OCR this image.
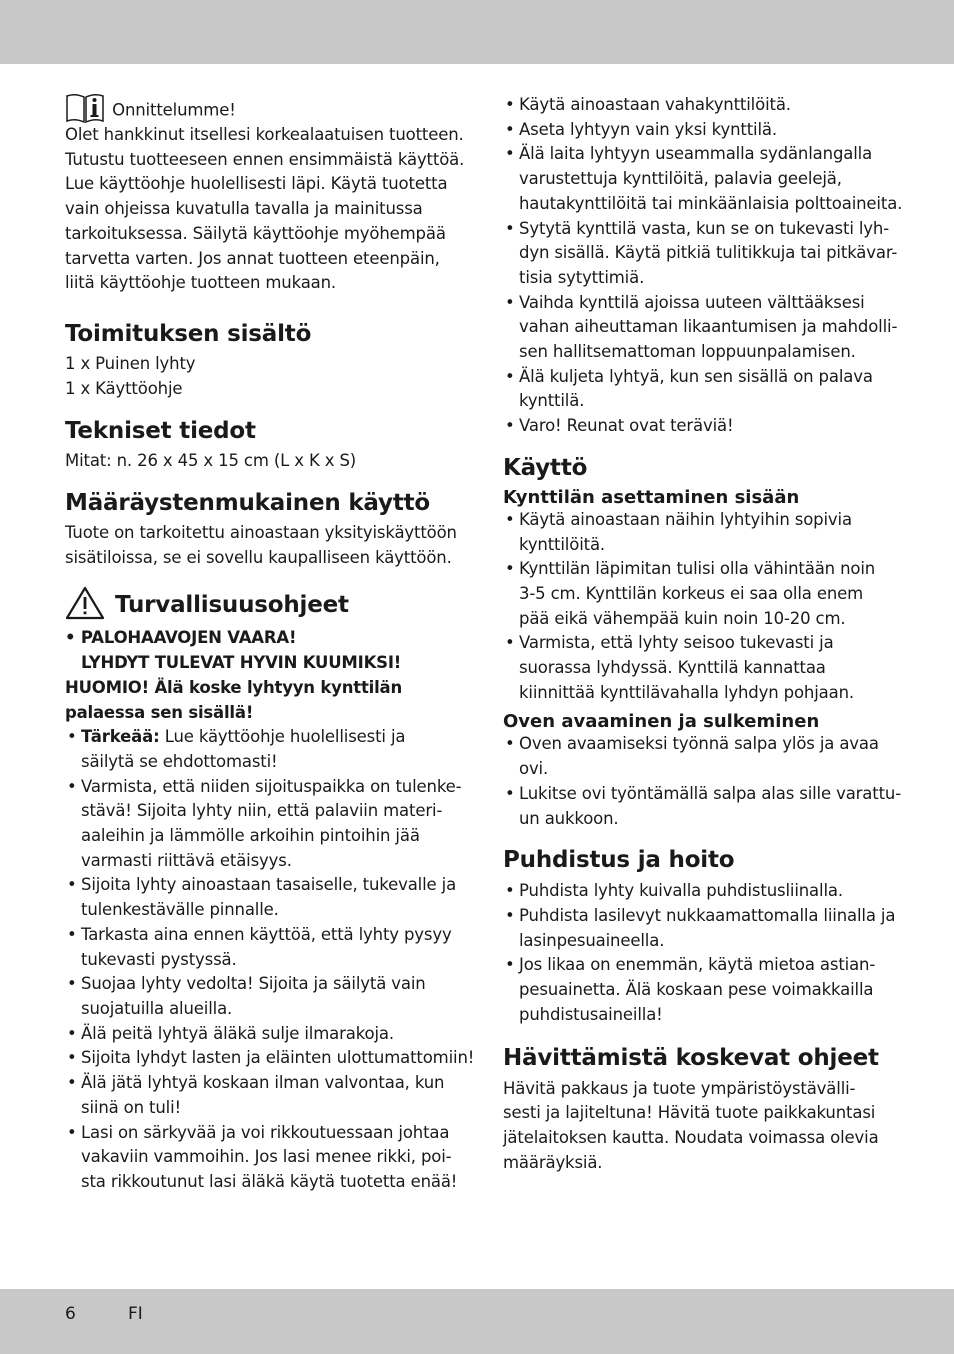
Onnittelumme!
Olet hankkinut itsellesi korkealaatuisen tuotteen.
Tutustu tuotteeseen ennen ensimmäistä käyttöä.
Lue käyttöohje huolellisesti läpi. Käytä tuotetta
vain ohjeissa kuvatulla tavalla ja mainitussa
tarkoituksessa. Säilytä käyttöohje myöhempää
tarvetta varten. Jos annat tuotteen eteenpäin,
liitä käyttöohje tuotteen mukaan.
Toimituksen sisältö
1 x Puinen lyhty
1 x Käyttöohje
Tekniset tiedot
Mitat: n. 26 x 45 x 15 cm (L x K x S)
Määräystenmukainen käyttö
Tuote on tarkoitettu ainoastaan yksityiskäyttöön
sisätiloissa, se ei sovellu kaupalliseen käyttöön.
Turvallisuusohjeet
• PALOHAAVOJEN VAARA!
LYHDYT TULEVAT HYVIN KUUMIKSI!
HUOMIO! Älä koske lyhtyyn kynttilän
palaessa sen sisällä!
• Tärkeää: Lue käyttöohje huolellisesti ja
säilytä se ehdottomasti!
• Varmista, että niiden sijoituspaikka on tulenke-
stävä! Sijoita lyhty niin, että palaviin materi-
aaleihin ja lämmölle arkoihin pintoihin jää
varmasti riittävä etäisyys.
• Sijoita lyhty ainoastaan tasaiselle, tukevalle ja
tulenkestävälle pinnalle.
• Tarkasta aina ennen käyttöä, että lyhty pysyy
tukevasti pystyssä.
• Suojaa lyhty vedolta! Sijoita ja säilytä vain
suojatuilla alueilla.
• Älä peitä lyhtyä äläkä sulje ilmarakoja.
• Sijoita lyhdyt lasten ja eläinten ulottumattomiin!
• Älä jätä lyhtyä koskaan ilman valvontaa, kun
siinä on tuli!
• Lasi on särkyvää ja voi rikkoutuessaan johtaa
vakaviin vammoihin. Jos lasi menee rikki, poi-
sta rikkoutunut lasi äläkä käytä tuotetta enää!
• Käytä ainoastaan vahakynttilöitä.
• Aseta lyhtyyn vain yksi kynttilä.
• Älä laita lyhtyyn useammalla sydänlangalla
varustettuja kynttilöitä, palavia geelejä,
hautakynttilöitä tai minkäänlaisia polttoaineita.
• Sytytä kynttilä vasta, kun se on tukevasti lyh-
dyn sisällä. Käytä pitkiä tulitikkuja tai pitkävar-
tisia sytyttimiä.
• Vaihda kynttilä ajoissa uuteen välttääksesi
vahan aiheuttaman likaantumisen ja mahdolli-
sen hallitsemattoman loppuunpalamisen.
• Älä kuljeta lyhtyä, kun sen sisällä on palava
kynttilä.
• Varo! Reunat ovat teräviä!
Käyttö
Kynttilän asettaminen sisään
• Käytä ainoastaan näihin lyhtyihin sopivia
kynttilöitä.
• Kynttilän läpimitan tulisi olla vähintään noin
3-5 cm. Kynttilän korkeus ei saa olla enem
pää eikä vähempää kuin noin 10-20 cm.
• Varmista, että lyhty seisoo tukevasti ja
suorassa lyhdyssä. Kynttilä kannattaa
kiinnittää kynttilävahalla lyhdyn pohjaan.
Oven avaaminen ja sulkeminen
• Oven avaamiseksi työnnä salpa ylös ja avaa
ovi.
• Lukitse ovi työntämällä salpa alas sille varattu-
un aukkoon.
Puhdistus ja hoito
• Puhdista lyhty kuivalla puhdistusliinalla.
• Puhdista lasilevyt nukkaamattomalla liinalla ja
lasinpesuaineella.
• Jos likaa on enemmän, käytä mietoa astian-
pesuainetta. Älä koskaan pese voimakkailla
puhdistusaineilla!
Hävittämistä koskevat ohjeet
Hävitä pakkaus ja tuote ympäristöystävälli-
sesti ja lajiteltuna! Hävitä tuote paikkakuntasi
jätelaitoksen kautta. Noudata voimassa olevia
määräyksiä.
6	FI
